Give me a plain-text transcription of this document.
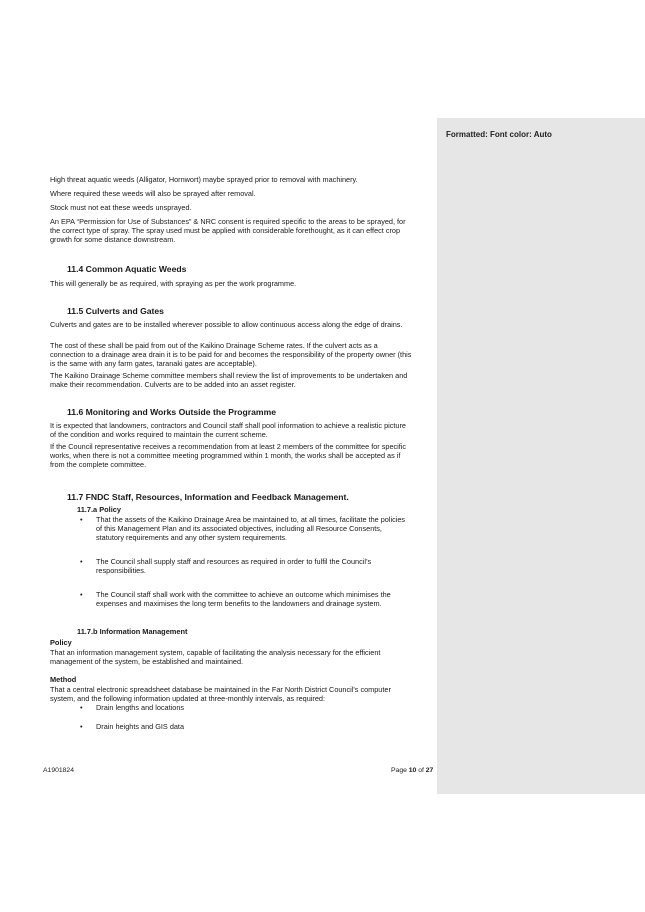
Formatted: Font color: Auto

High threat aquatic weeds (Alligator, Hornwort) maybe sprayed prior to removal with machinery.

Where required these weeds will also be sprayed after removal.

Stock must not eat these weeds unsprayed.

An EPA “Permission for Use of Substances” & NRC consent is required specific to the areas to be sprayed, for the correct type of spray. The spray used must be applied with considerable forethought, as it can effect crop growth for some distance downstream.

11.4 Common Aquatic Weeds

This will generally be as required, with spraying as per the work programme.

11.5 Culverts and Gates

Culverts and gates are to be installed wherever possible to allow continuous access along the edge of drains.

The cost of these shall be paid from out of the Kaikino Drainage Scheme rates. If the culvert acts as a connection to a drainage area drain it is to be paid for and becomes the responsibility of the property owner (this is the same with any farm gates, taranaki gates are acceptable).

The Kaikino Drainage Scheme committee members shall review the list of improvements to be undertaken and make their recommendation. Culverts are to be added into an asset register.

11.6 Monitoring and Works Outside the Programme

It is expected that landowners, contractors and Council staff shall pool information to achieve a realistic picture of the condition and works required to maintain the current scheme.

If the Council representative receives a recommendation from at least 2 members of the committee for specific works, when there is not a committee meeting programmed within 1 month, the works shall be accepted as if from the complete committee.

11.7 FNDC Staff, Resources, Information and Feedback Management.
11.7.a Policy
• That the assets of the Kaikino Drainage Area be maintained to, at all times, facilitate the policies of this Management Plan and its associated objectives, including all Resource Consents, statutory requirements and any other system requirements.
• The Council shall supply staff and resources as required in order to fulfil the Council’s responsibilities.
• The Council staff shall work with the committee to achieve an outcome which minimises the expenses and maximises the long term benefits to the landowners and drainage system.
11.7.b Information Management

Policy

That an information management system, capable of facilitating the analysis necessary for the efficient management of the system, be established and maintained.

Method

That a central electronic spreadsheet database be maintained in the Far North District Council's computer system, and the following information updated at three-monthly intervals, as required:

• Drain lengths and locations
• Drain heights and GIS data
A1901824	Page 10 of 27
